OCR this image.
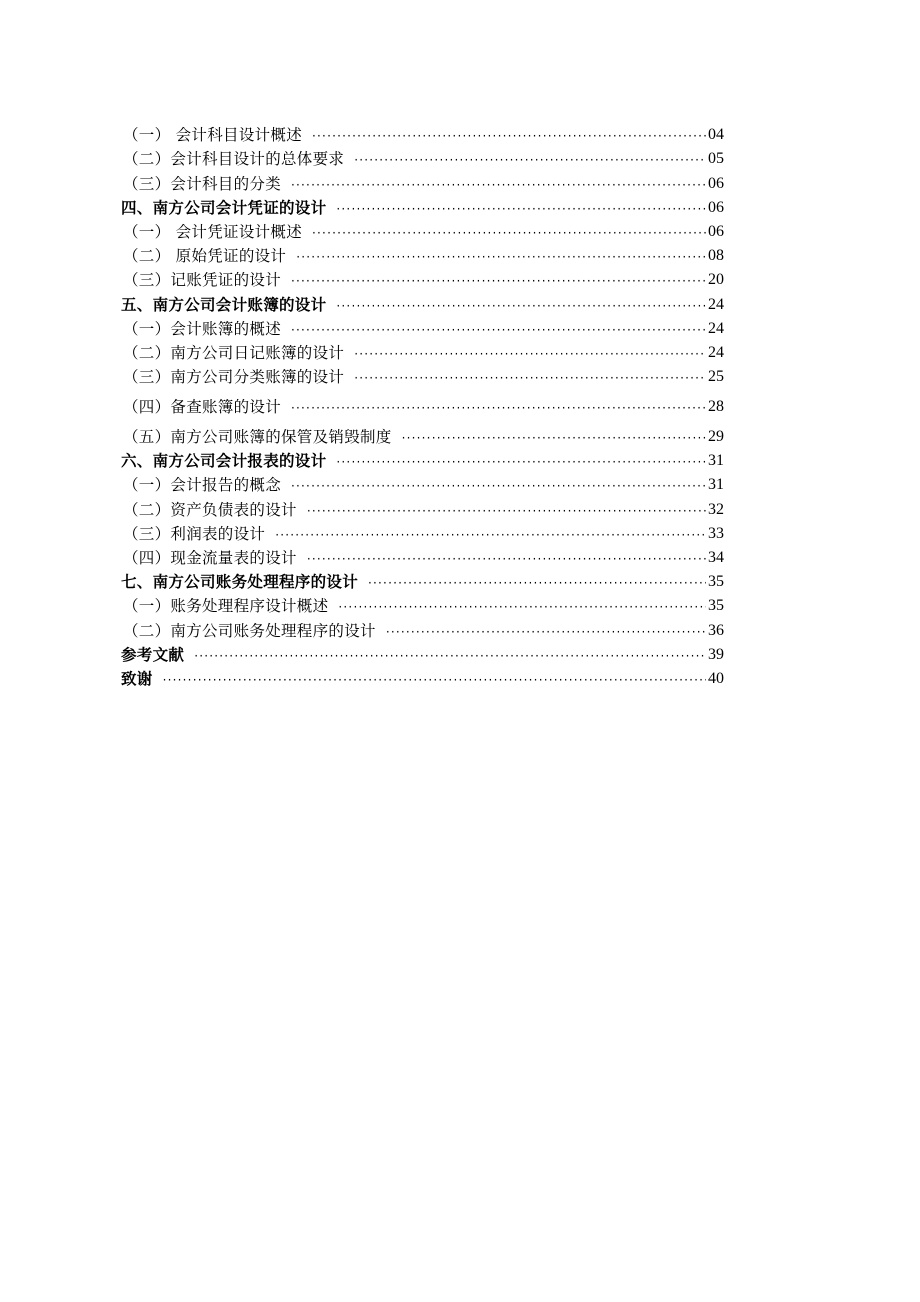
（一） 会计科目设计概述 ·····	04
（二）会计科目设计的总体要求 ·····	05
（三）会计科目的分类 ·····	06
四、南方公司会计凭证的设计 ·····	06
（一） 会计凭证设计概述 ·····	06
（二） 原始凭证的设计 ·····	08
（三）记账凭证的设计 ·····	20
五、南方公司会计账簿的设计 ·····	24
（一）会计账簿的概述 ·····	24
（二）南方公司日记账簿的设计 ·····	24
（三）南方公司分类账簿的设计 ·····	25
（四）备查账簿的设计 ·····	28
（五）南方公司账簿的保管及销毁制度 ·····	29
六、南方公司会计报表的设计 ·····	31
（一）会计报告的概念 ·····	31
（二）资产负债表的设计 ·····	32
（三）利润表的设计 ·····	33
（四）现金流量表的设计 ·····	34
七、南方公司账务处理程序的设计 ·····	35
（一）账务处理程序设计概述 ·····	35
（二）南方公司账务处理程序的设计 ·····	36
参考文献 ·····	39
致谢 ·····	40
